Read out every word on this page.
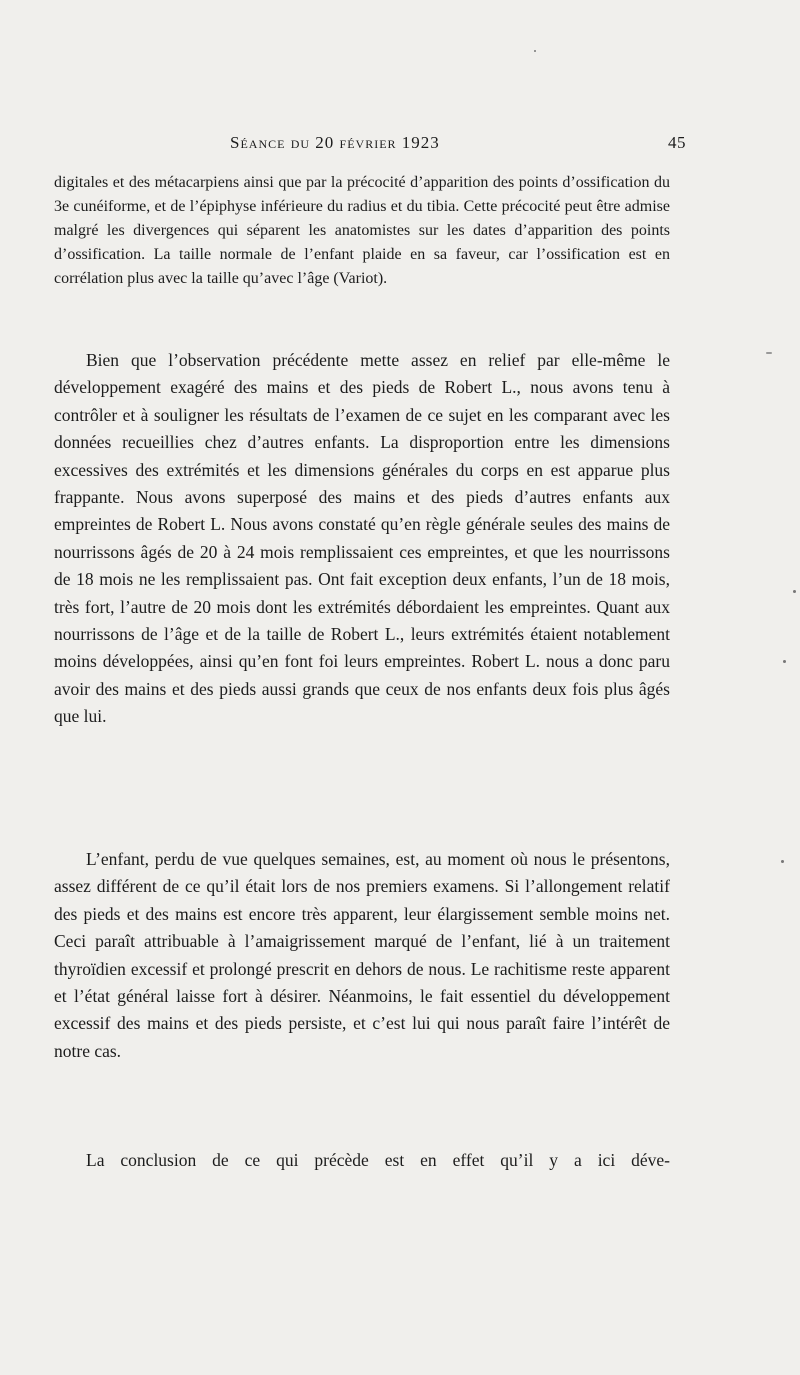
Séance du 20 février 1923	45

digitales et des métacarpiens ainsi que par la précocité d’apparition des points d’ossification du 3e cunéiforme, et de l’épiphyse inférieure du radius et du tibia. Cette précocité peut être admise malgré les divergences qui séparent les anatomistes sur les dates d’apparition des points d’ossification. La taille normale de l’enfant plaide en sa faveur, car l’ossification est en corrélation plus avec la taille qu’avec l’âge (Variot).

Bien que l’observation précédente mette assez en relief par elle-même le développement exagéré des mains et des pieds de Robert L., nous avons tenu à contrôler et à souligner les résultats de l’examen de ce sujet en les comparant avec les données recueillies chez d’autres enfants. La disproportion entre les dimensions excessives des extrémités et les dimensions générales du corps en est apparue plus frappante. Nous avons superposé des mains et des pieds d’autres enfants aux empreintes de Robert L. Nous avons constaté qu’en règle générale seules des mains de nourrissons âgés de 20 à 24 mois remplissaient ces empreintes, et que les nourrissons de 18 mois ne les remplissaient pas. Ont fait exception deux enfants, l’un de 18 mois, très fort, l’autre de 20 mois dont les extrémités débordaient les empreintes. Quant aux nourrissons de l’âge et de la taille de Robert L., leurs extrémités étaient notablement moins développées, ainsi qu’en font foi leurs empreintes. Robert L. nous a donc paru avoir des mains et des pieds aussi grands que ceux de nos enfants deux fois plus âgés que lui.

L’enfant, perdu de vue quelques semaines, est, au moment où nous le présentons, assez différent de ce qu’il était lors de nos premiers examens. Si l’allongement relatif des pieds et des mains est encore très apparent, leur élargissement semble moins net. Ceci paraît attribuable à l’amaigrissement marqué de l’enfant, lié à un traitement thyroïdien excessif et prolongé prescrit en dehors de nous. Le rachitisme reste apparent et l’état général laisse fort à désirer. Néanmoins, le fait essentiel du développement excessif des mains et des pieds persiste, et c’est lui qui nous paraît faire l’intérêt de notre cas.

La conclusion de ce qui précède est en effet qu’il y a ici déve-
